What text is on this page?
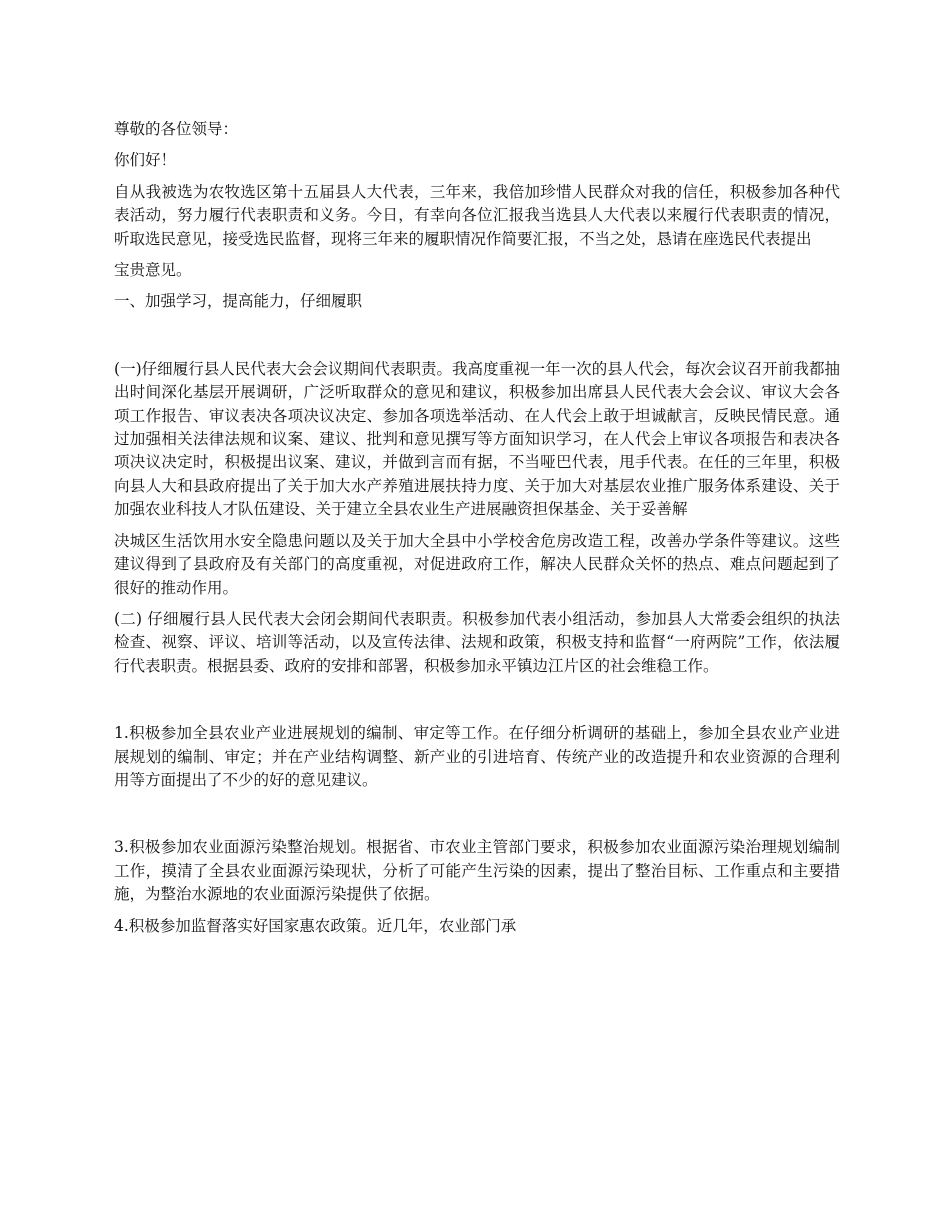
尊敬的各位领导：

你们好！

自从我被选为农牧选区第十五届县人大代表，三年来，我倍加珍惜人民群众对我的信任，积极参加各种代表活动，努力履行代表职责和义务。今日，有幸向各位汇报我当选县人大代表以来履行代表职责的情况，听取选民意见，接受选民监督，现将三年来的履职情况作简要汇报，不当之处，恳请在座选民代表提出

宝贵意见。

一、加强学习，提高能力，仔细履职

(一)仔细履行县人民代表大会会议期间代表职责。我高度重视一年一次的县人代会，每次会议召开前我都抽出时间深化基层开展调研，广泛听取群众的意见和建议，积极参加出席县人民代表大会会议、审议大会各项工作报告、审议表决各项决议决定、参加各项选举活动、在人代会上敢于坦诚献言，反映民情民意。通过加强相关法律法规和议案、建议、批判和意见撰写等方面知识学习，在人代会上审议各项报告和表决各项决议决定时，积极提出议案、建议，并做到言而有据，不当哑巴代表，甩手代表。在任的三年里，积极向县人大和县政府提出了关于加大水产养殖进展扶持力度、关于加大对基层农业推广服务体系建设、关于加强农业科技人才队伍建设、关于建立全县农业生产进展融资担保基金、关于妥善解

决城区生活饮用水安全隐患问题以及关于加大全县中小学校舍危房改造工程，改善办学条件等建议。这些建议得到了县政府及有关部门的高度重视，对促进政府工作，解决人民群众关怀的热点、难点问题起到了很好的推动作用。

(二) 仔细履行县人民代表大会闭会期间代表职责。积极参加代表小组活动，参加县人大常委会组织的执法检查、视察、评议、培训等活动，以及宣传法律、法规和政策，积极支持和监督“一府两院”工作，依法履行代表职责。根据县委、政府的安排和部署，积极参加永平镇边江片区的社会维稳工作。

1.积极参加全县农业产业进展规划的编制、审定等工作。在仔细分析调研的基础上，参加全县农业产业进展规划的编制、审定；并在产业结构调整、新产业的引进培育、传统产业的改造提升和农业资源的合理利用等方面提出了不少的好的意见建议。

3.积极参加农业面源污染整治规划。根据省、市农业主管部门要求，积极参加农业面源污染治理规划编制工作，摸清了全县农业面源污染现状，分析了可能产生污染的因素，提出了整治目标、工作重点和主要措施，为整治水源地的农业面源污染提供了依据。

4.积极参加监督落实好国家惠农政策。近几年，农业部门承
